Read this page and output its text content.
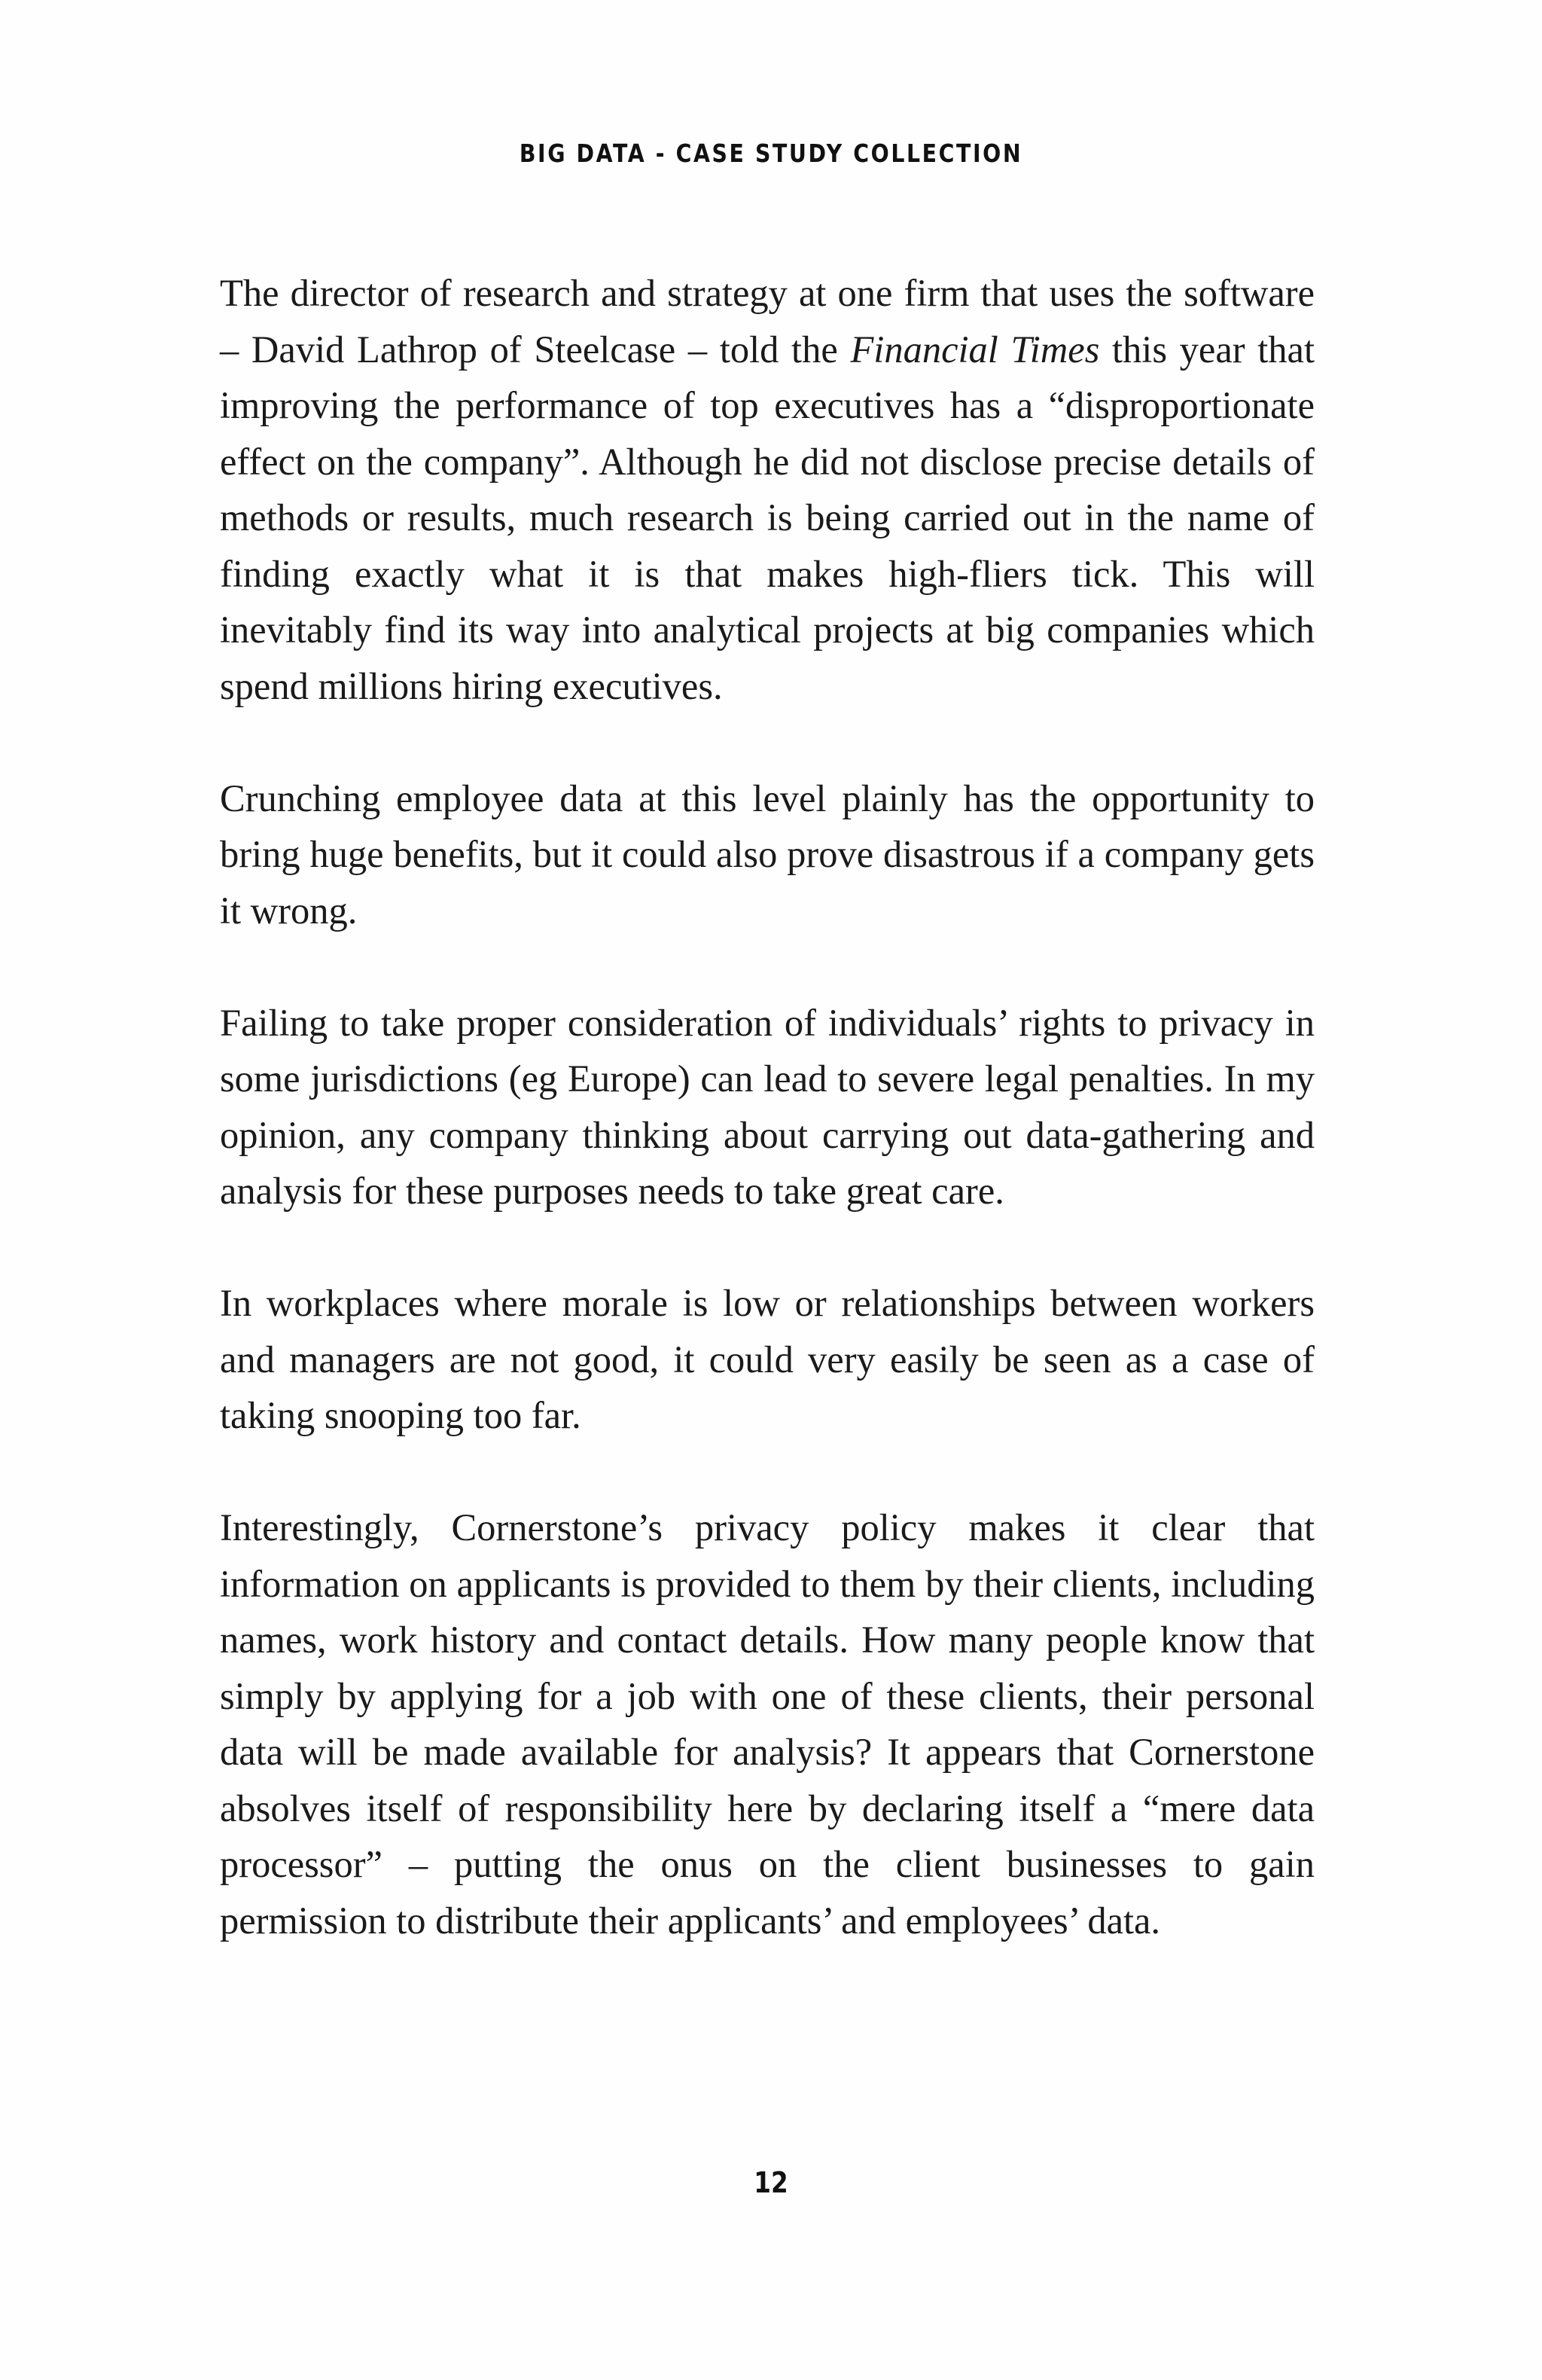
BIG DATA - CASE STUDY COLLECTION

The director of research and strategy at one firm that uses the software – David Lathrop of Steelcase – told the Financial Times this year that improving the performance of top executives has a “disproportionate effect on the company”. Although he did not disclose precise details of methods or results, much research is being carried out in the name of finding exactly what it is that makes high-fliers tick. This will inevitably find its way into analytical projects at big companies which spend millions hiring executives.

Crunching employee data at this level plainly has the opportunity to bring huge benefits, but it could also prove disastrous if a company gets it wrong.

Failing to take proper consideration of individuals’ rights to privacy in some jurisdictions (eg Europe) can lead to severe legal penalties. In my opinion, any company thinking about carrying out data-gathering and analysis for these purposes needs to take great care.

In workplaces where morale is low or relationships between workers and managers are not good, it could very easily be seen as a case of taking snooping too far.

Interestingly, Cornerstone’s privacy policy makes it clear that information on applicants is provided to them by their clients, including names, work history and contact details. How many people know that simply by applying for a job with one of these clients, their personal data will be made available for analysis? It appears that Cornerstone absolves itself of responsibility here by declaring itself a “mere data processor” – putting the onus on the client businesses to gain permission to distribute their applicants’ and employees’ data.

12
